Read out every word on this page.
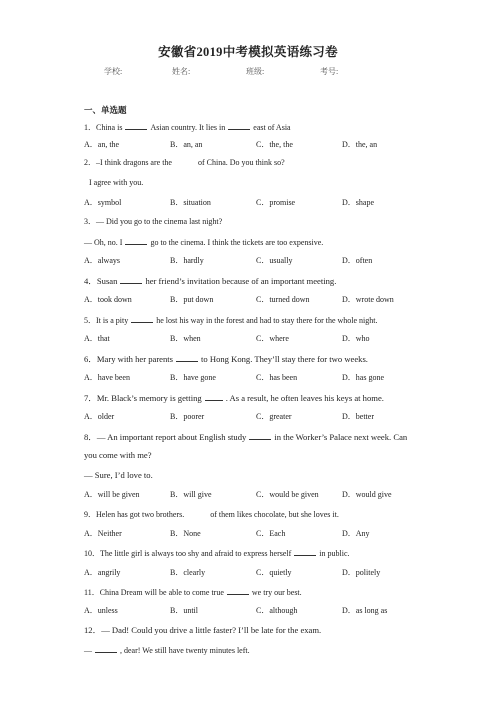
安徽省2019中考模拟英语练习卷
学校:	姓名:	班级:	考号:
一、单选题
1．China is	Asian country. It lies in	east of Asia
A．an, the	B．an, an	C．the, the	D．the, an
2．–I think dragons are the	of China. Do you think so?
I agree with you.
A．symbol	B．situation	C．promise	D．shape
3．— Did you go to the cinema last night?
— Oh, no. I	go to the cinema. I think the tickets are too expensive.
A．always	B．hardly	C．usually	D．often
4．Susan	her friend’s invitation because of an important meeting.
A．took down	B．put down	C．turned down	D．wrote down
5．It is a pity	he lost his way in the forest and had to stay there for the whole night.
A．that	B．when	C．where	D．who
6．Mary with her parents	to Hong Kong. They’ll stay there for two weeks.
A．have been	B．have gone	C．has been	D．has gone
7．Mr. Black’s memory is getting	. As a result, he often leaves his keys at home.
A．older	B．poorer	C．greater	D．better
8．— An important report about English study	in the Worker’s Palace next week. Can
you come with me?
— Sure, I’d love to.
A．will be given	B．will give	C．would be given	D．would give
9．Helen has got two brothers.	of them likes chocolate, but she loves it.
A．Neither	B．None	C．Each	D．Any
10．The little girl is always too shy and afraid to express herself	in public.
A．angrily	B．clearly	C．quietly	D．politely
11．China Dream will be able to come true	we try our best.
A．unless	B．until	C．although	D．as long as
12．— Dad! Could you drive a little faster? I’ll be late for the exam.
—	, dear! We still have twenty minutes left.
